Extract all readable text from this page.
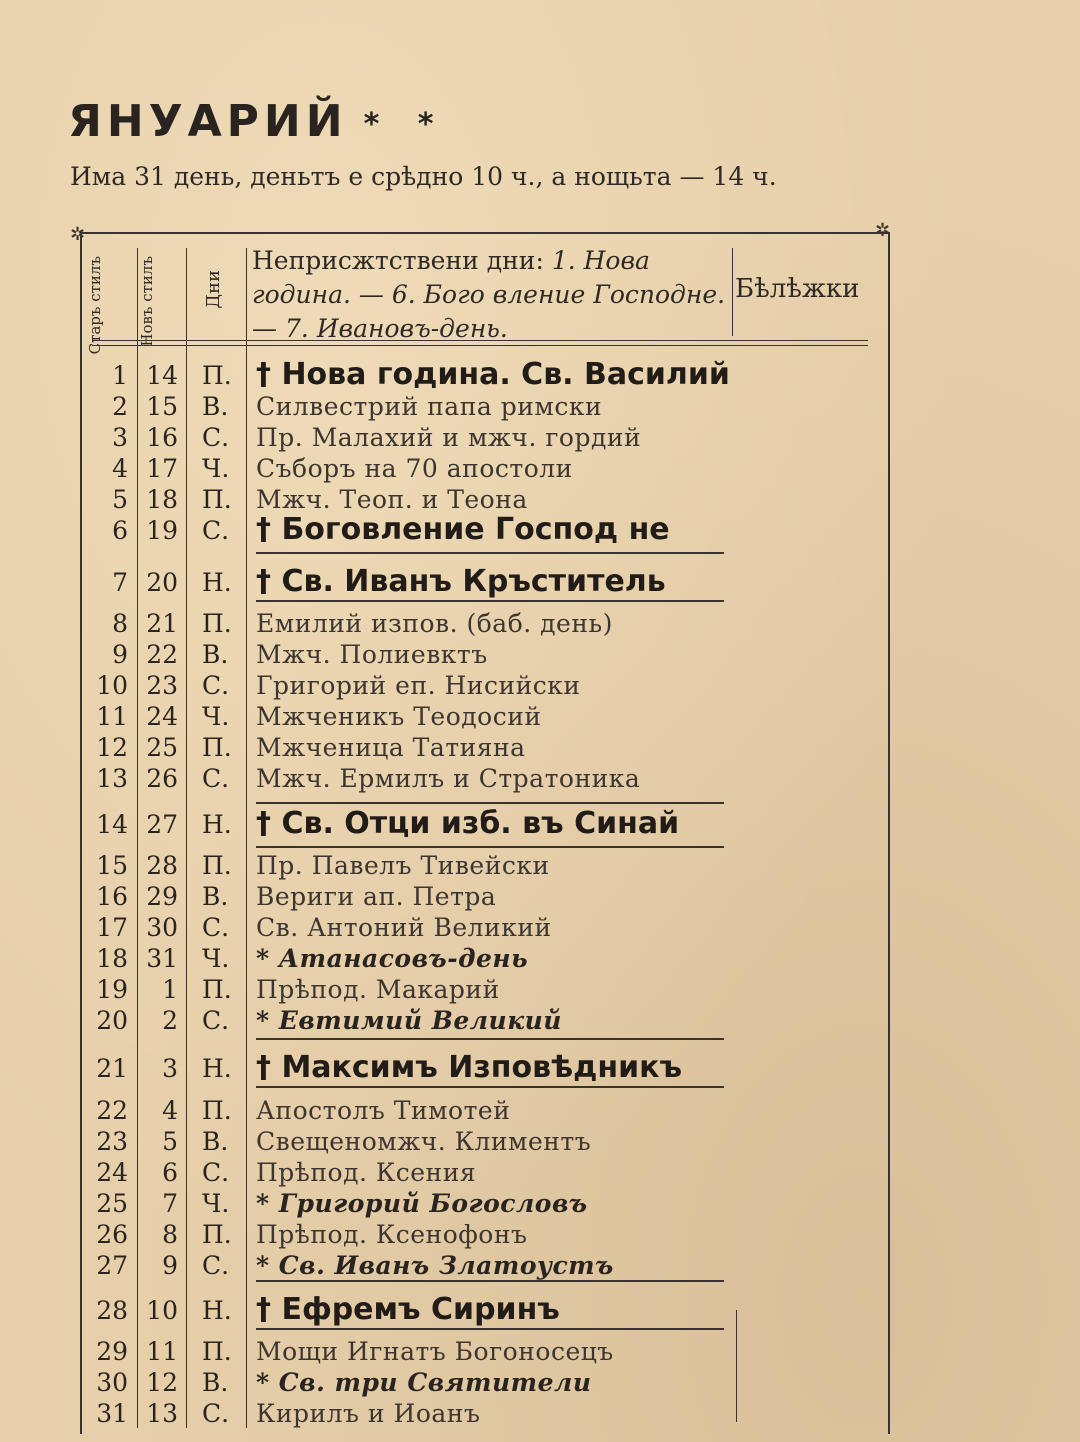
ЯНУАРИЙ * *

Има 31 день, деньтъ е срѣдно 10 ч., а нощьта — 14 ч.

✲	✲
Старъ стилъ Новъ стилъ	Дни
Неприсжтствени дни: 1. Нова година. — 6. Бого вление Господне. — 7. Ивановъ-день.
Бѣлѣжки
1 14 П. † Нова година. Св. Василий
2 15 В. Силвестрий папа римски
3 16 С. Пр. Малахий и мжч. гордий
4 17 Ч. Съборъ на 70 апостоли
5 18 П. Мжч. Теоп. и Теона
6 19 С. † Боговление Господ не
7 20 Н. † Св. Иванъ Кръститель
8 21 П. Емилий изпов. (баб. день)
9 22 В. Мжч. Полиевктъ
10 23 С. Григорий еп. Нисийски
11 24 Ч. Мжченикъ Теодосий
12 25 П. Мжченица Татияна
13 26 С. Мжч. Ермилъ и Стратоника
14 27 Н. † Св. Отци изб. въ Синай
15 28 П. Пр. Павелъ Тивейски
16 29 В. Вериги ап. Петра
17 30 С. Св. Антоний Великий
18 31 Ч. * Атанасовъ-день
19	1 П. Прѣпод. Макарий
20	2 С. * Евтимий Великий
21	3 Н. † Максимъ Изповѣдникъ
22	4 П. Апостолъ Тимотей
23	5 В. Свещеномжч. Климентъ
24	6 С. Прѣпод. Ксения
25	7 Ч. * Григорий Богословъ
26	8 П. Прѣпод. Ксенофонъ
27	9 С. * Св. Иванъ Златоустъ
28 10 Н. † Ефремъ Сиринъ
29 11 П. Мощи Игнатъ Богоносецъ
30 12 В. * Св. три Святители
31 13 С. Кирилъ и Иоанъ
